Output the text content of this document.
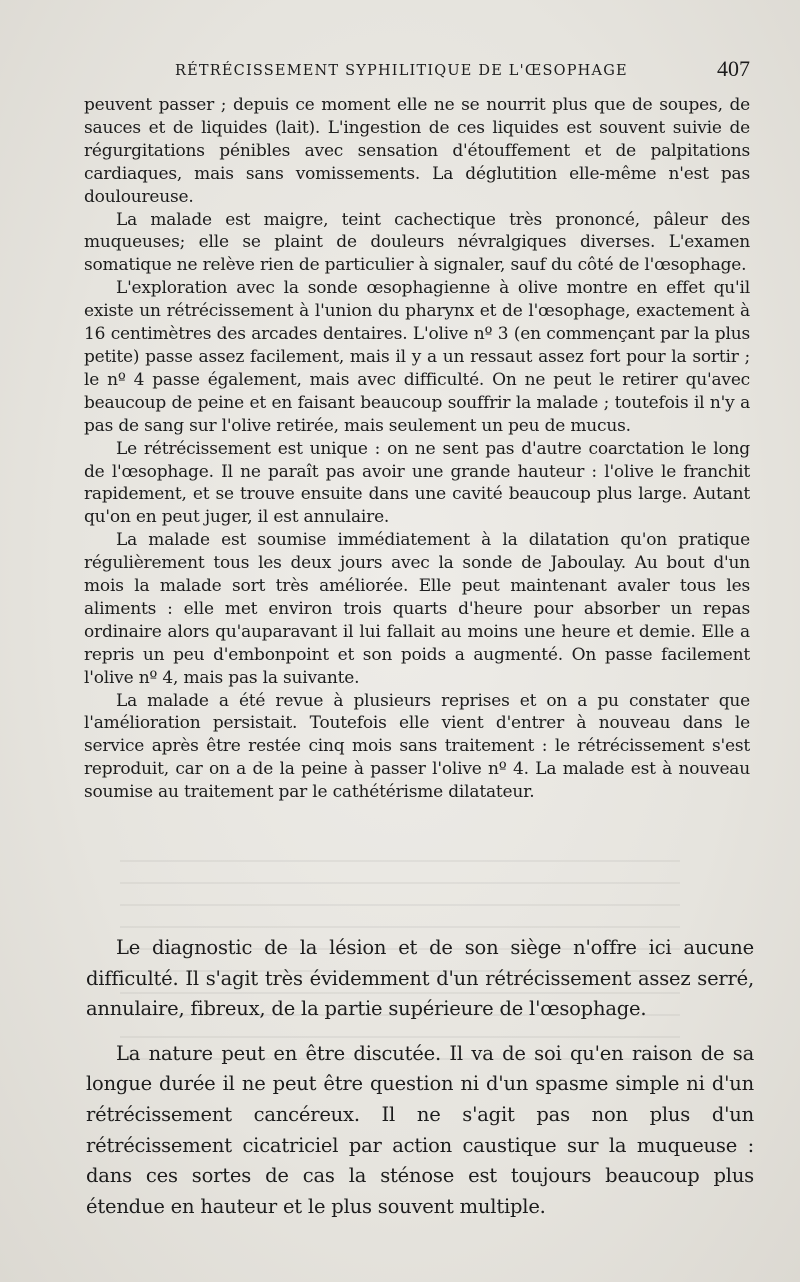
RÉTRÉCISSEMENT SYPHILITIQUE DE L'ŒSOPHAGE	407

peuvent passer ; depuis ce moment elle ne se nourrit plus que de soupes, de sauces et de liquides (lait). L'ingestion de ces liquides est souvent suivie de régurgitations pénibles avec sensation d'étouffement et de palpitations cardiaques, mais sans vomissements. La déglutition elle-même n'est pas douloureuse.

La malade est maigre, teint cachectique très prononcé, pâleur des muqueuses; elle se plaint de douleurs névralgiques diverses. L'examen somatique ne relève rien de particulier à signaler, sauf du côté de l'œsophage.

L'exploration avec la sonde œsophagienne à olive montre en effet qu'il existe un rétrécissement à l'union du pharynx et de l'œsophage, exactement à 16 centimètres des arcades dentaires. L'olive nº 3 (en commençant par la plus petite) passe assez facilement, mais il y a un ressaut assez fort pour la sortir ; le nº 4 passe également, mais avec difficulté. On ne peut le retirer qu'avec beaucoup de peine et en faisant beaucoup souffrir la malade ; toutefois il n'y a pas de sang sur l'olive retirée, mais seulement un peu de mucus.

Le rétrécissement est unique : on ne sent pas d'autre coarctation le long de l'œsophage. Il ne paraît pas avoir une grande hauteur : l'olive le franchit rapidement, et se trouve ensuite dans une cavité beaucoup plus large. Autant qu'on en peut juger, il est annulaire.

La malade est soumise immédiatement à la dilatation qu'on pratique régulièrement tous les deux jours avec la sonde de Jaboulay. Au bout d'un mois la malade sort très améliorée. Elle peut maintenant avaler tous les aliments : elle met environ trois quarts d'heure pour absorber un repas ordinaire alors qu'auparavant il lui fallait au moins une heure et demie. Elle a repris un peu d'embonpoint et son poids a augmenté. On passe facilement l'olive nº 4, mais pas la suivante.

La malade a été revue à plusieurs reprises et on a pu constater que l'amélioration persistait. Toutefois elle vient d'entrer à nouveau dans le service après être restée cinq mois sans traitement : le rétrécissement s'est reproduit, car on a de la peine à passer l'olive nº 4. La malade est à nouveau soumise au traitement par le cathétérisme dilatateur.

Le diagnostic de la lésion et de son siège n'offre ici aucune difficulté. Il s'agit très évidemment d'un rétrécissement assez serré, annulaire, fibreux, de la partie supérieure de l'œsophage.

La nature peut en être discutée. Il va de soi qu'en raison de sa longue durée il ne peut être question ni d'un spasme simple ni d'un rétrécissement cancéreux. Il ne s'agit pas non plus d'un rétrécissement cicatriciel par action caustique sur la muqueuse : dans ces sortes de cas la sténose est toujours beaucoup plus étendue en hauteur et le plus souvent multiple.
